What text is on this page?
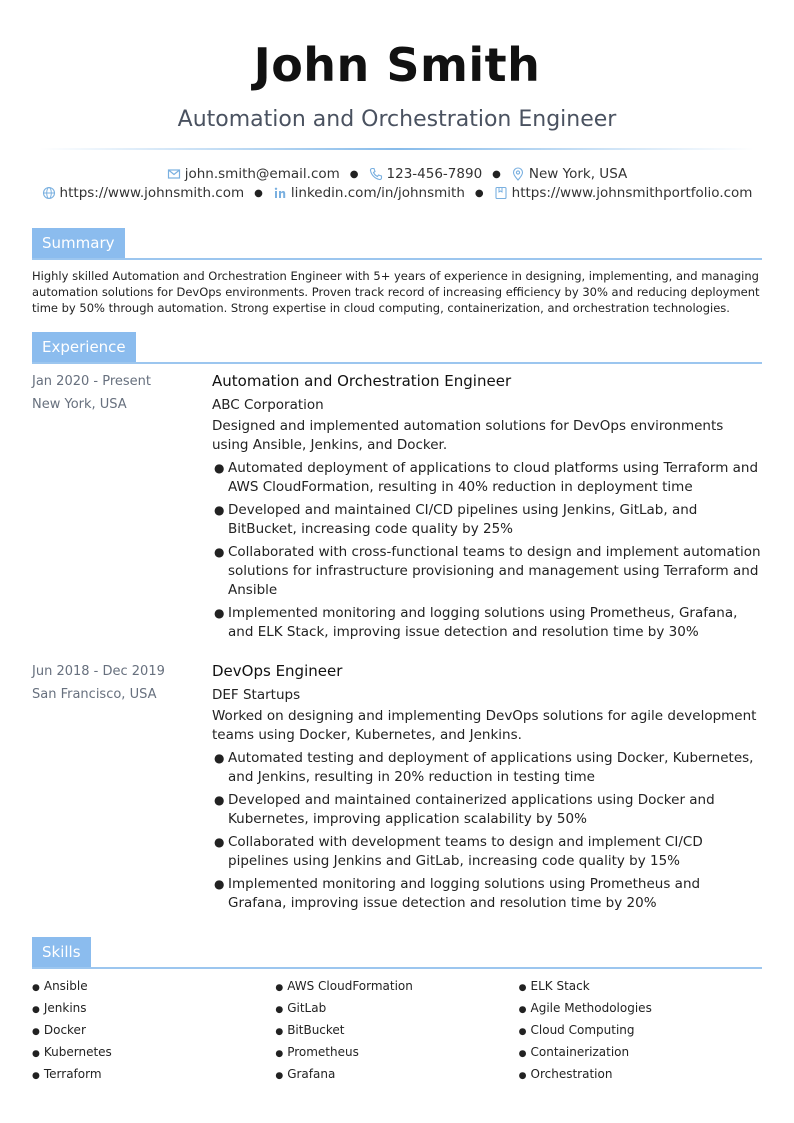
John Smith
Automation and Orchestration Engineer
john.smith@email.com ● 123-456-7890 ● New York, USA
https://www.johnsmith.com ● linkedin.com/in/johnsmith ● https://www.johnsmithportfolio.com
Summary
Highly skilled Automation and Orchestration Engineer with 5+ years of experience in designing, implementing, and managing automation solutions for DevOps environments. Proven track record of increasing efficiency by 30% and reducing deployment time by 50% through automation. Strong expertise in cloud computing, containerization, and orchestration technologies.
Experience
Jan 2020 - Present
New York, USA
Automation and Orchestration Engineer
ABC Corporation
Designed and implemented automation solutions for DevOps environments using Ansible, Jenkins, and Docker.
● Automated deployment of applications to cloud platforms using Terraform and AWS CloudFormation, resulting in 40% reduction in deployment time
● Developed and maintained CI/CD pipelines using Jenkins, GitLab, and BitBucket, increasing code quality by 25%
● Collaborated with cross-functional teams to design and implement automation solutions for infrastructure provisioning and management using Terraform and Ansible
● Implemented monitoring and logging solutions using Prometheus, Grafana, and ELK Stack, improving issue detection and resolution time by 30%
Jun 2018 - Dec 2019
San Francisco, USA
DevOps Engineer
DEF Startups
Worked on designing and implementing DevOps solutions for agile development teams using Docker, Kubernetes, and Jenkins.
● Automated testing and deployment of applications using Docker, Kubernetes, and Jenkins, resulting in 20% reduction in testing time
● Developed and maintained containerized applications using Docker and Kubernetes, improving application scalability by 50%
● Collaborated with development teams to design and implement CI/CD pipelines using Jenkins and GitLab, increasing code quality by 15%
● Implemented monitoring and logging solutions using Prometheus and Grafana, improving issue detection and resolution time by 20%
Skills
● Ansible
● Jenkins
● Docker
● Kubernetes
● Terraform
● AWS CloudFormation
● GitLab
● BitBucket
● Prometheus
● Grafana
● ELK Stack
● Agile Methodologies
● Cloud Computing
● Containerization
● Orchestration
